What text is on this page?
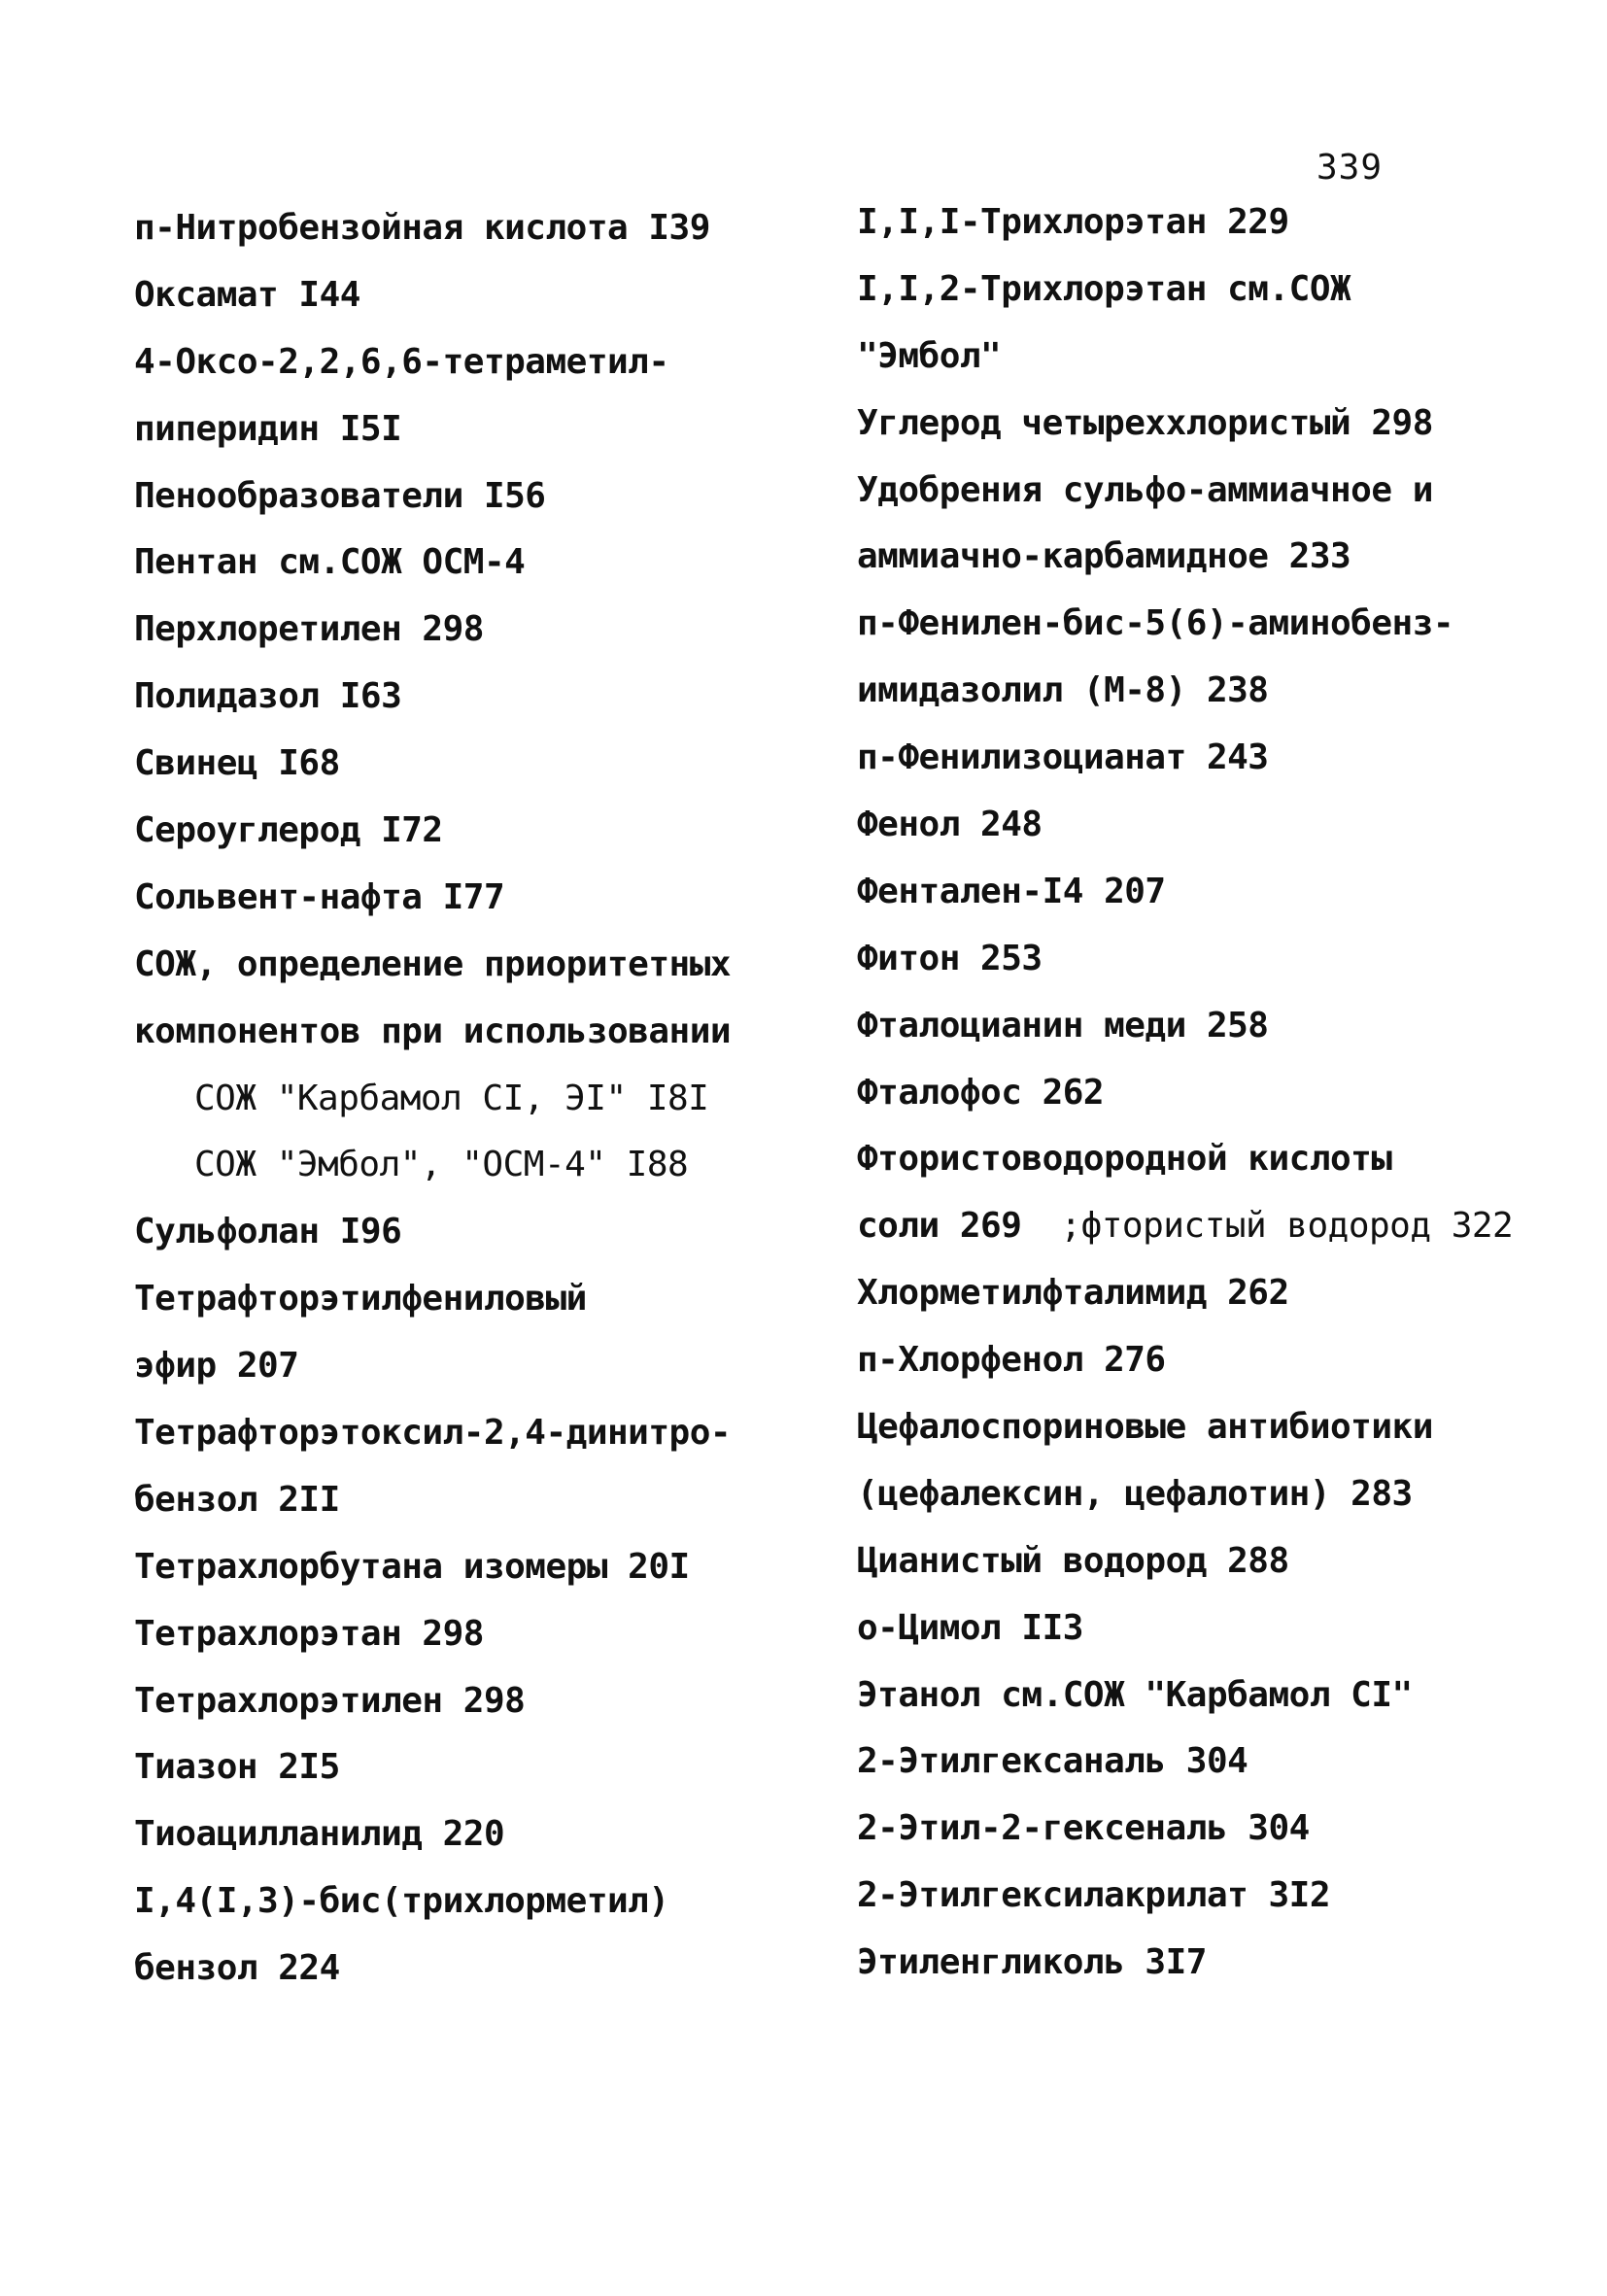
339
п-Нитробензойная кислота I39
Оксамат I44
4-Оксо-2,2,6,6-тетраметил-
пиперидин I5I
Пенообразователи I56
Пентан см.СОЖ ОСМ-4
Перхлоретилен 298
Полидазол I63
Свинец I68
Сероуглерод I72
Сольвент-нафта I77
СОЖ, определение приоритетных
компонентов при использовании
СОЖ "Карбамол CI, ЭI" I8I
СОЖ "Эмбол", "ОСМ-4" I88
Сульфолан I96
Тетрафторэтилфениловый
эфир 207
Тетрафторэтоксил-2,4-динитро-
бензол 2II
Тетрахлорбутана изомеры 20I
Тетрахлорэтан 298
Тетрахлорэтилен 298
Тиазон 2I5
Тиоацилланилид 220
I,4(I,3)-бис(трихлорметил)
бензол 224
I,I,I-Трихлорэтан 229
I,I,2-Трихлорэтан см.СОЖ
"Эмбол"
Углерод четыреххлористый 298
Удобрения сульфо-аммиачное и
аммиачно-карбамидное 233
п-Фенилен-бис-5(6)-аминобенз-
имидазолил (М-8) 238
п-Фенилизоцианат 243
Фенол 248
Фентален-I4 207
Фитон 253
Фталоцианин меди 258
Фталофос 262
Фтористоводородной кислоты
соли 269 ;фтористый водород 322
Хлорметилфталимид 262
п-Хлорфенол 276
Цефалоспориновые антибиотики
(цефалексин, цефалотин) 283
Цианистый водород 288
о-Цимол II3
Этанол см.СОЖ "Карбамол CI"
2-Этилгексаналь 304
2-Этил-2-гексеналь 304
2-Этилгексилакрилат 3I2
Этиленгликоль 3I7
